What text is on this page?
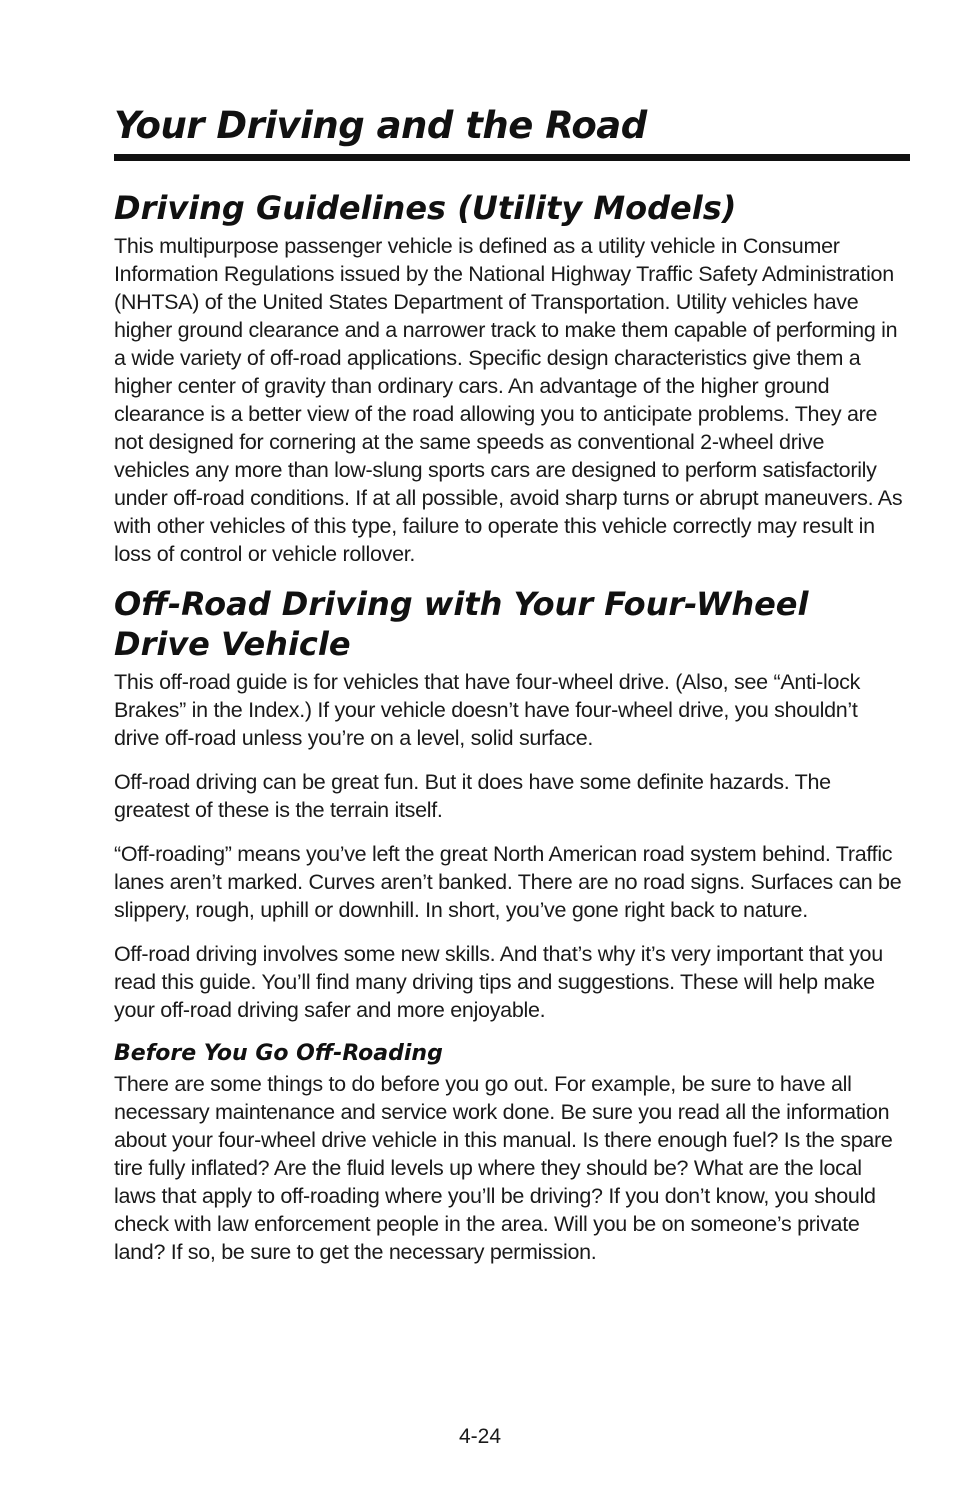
Your Driving and the Road
Driving Guidelines (Utility Models)

This multipurpose passenger vehicle is defined as a utility vehicle in Consumer Information Regulations issued by the National Highway Traffic Safety Administration (NHTSA) of the United States Department of Transportation. Utility vehicles have higher ground clearance and a narrower track to make them capable of performing in a wide variety of off-road applications. Specific design characteristics give them a higher center of gravity than ordinary cars. An advantage of the higher ground clearance is a better view of the road allowing you to anticipate problems. They are not designed for cornering at the same speeds as conventional 2-wheel drive vehicles any more than low-slung sports cars are designed to perform satisfactorily under off-road conditions. If at all possible, avoid sharp turns or abrupt maneuvers. As with other vehicles of this type, failure to operate this vehicle correctly may result in loss of control or vehicle rollover.

Off-Road Driving with Your Four-Wheel Drive Vehicle

This off-road guide is for vehicles that have four-wheel drive. (Also, see “Anti-lock Brakes” in the Index.) If your vehicle doesn’t have four-wheel drive, you shouldn’t drive off-road unless you’re on a level, solid surface.

Off-road driving can be great fun. But it does have some definite hazards. The greatest of these is the terrain itself.

“Off-roading” means you’ve left the great North American road system behind. Traffic lanes aren’t marked. Curves aren’t banked. There are no road signs. Surfaces can be slippery, rough, uphill or downhill. In short, you’ve gone right back to nature.

Off-road driving involves some new skills. And that’s why it’s very important that you read this guide. You’ll find many driving tips and suggestions. These will help make your off-road driving safer and more enjoyable.

Before You Go Off-Roading

There are some things to do before you go out. For example, be sure to have all necessary maintenance and service work done. Be sure you read all the information about your four-wheel drive vehicle in this manual. Is there enough fuel? Is the spare tire fully inflated? Are the fluid levels up where they should be? What are the local laws that apply to off-roading where you’ll be driving? If you don’t know, you should check with law enforcement people in the area. Will you be on someone’s private land? If so, be sure to get the necessary permission.

4-24
